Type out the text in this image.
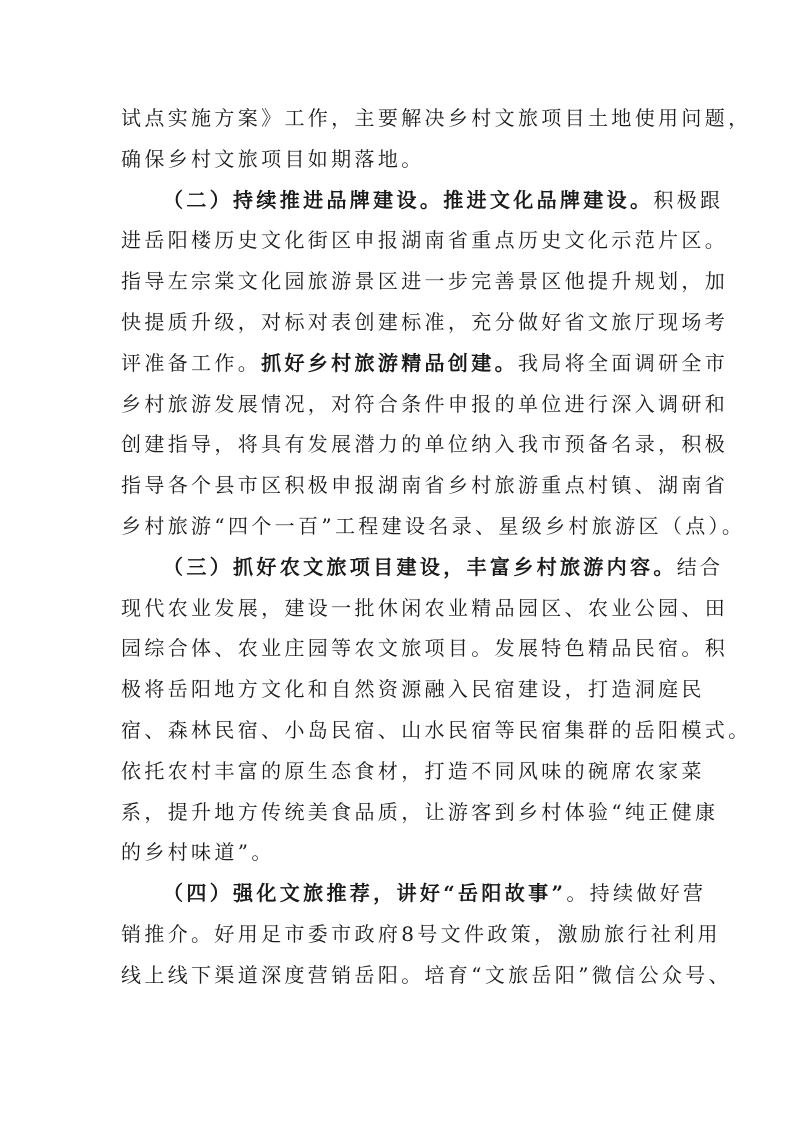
试点实施方案》工作，主要解决乡村文旅项目土地使用问题，
确保乡村文旅项目如期落地。
（二）持续推进品牌建设。推进文化品牌建设。积极跟
进岳阳楼历史文化街区申报湖南省重点历史文化示范片区。
指导左宗棠文化园旅游景区进一步完善景区他提升规划，加
快提质升级，对标对表创建标准，充分做好省文旅厅现场考
评准备工作。抓好乡村旅游精品创建。我局将全面调研全市
乡村旅游发展情况，对符合条件申报的单位进行深入调研和
创建指导，将具有发展潜力的单位纳入我市预备名录，积极
指导各个县市区积极申报湖南省乡村旅游重点村镇、湖南省
乡村旅游“四个一百”工程建设名录、星级乡村旅游区（点）。
（三）抓好农文旅项目建设，丰富乡村旅游内容。结合
现代农业发展，建设一批休闲农业精品园区、农业公园、田
园综合体、农业庄园等农文旅项目。发展特色精品民宿。积
极将岳阳地方文化和自然资源融入民宿建设，打造洞庭民
宿、森林民宿、小岛民宿、山水民宿等民宿集群的岳阳模式。
依托农村丰富的原生态食材，打造不同风味的碗席农家菜
系，提升地方传统美食品质，让游客到乡村体验“纯正健康
的乡村味道”。
（四）强化文旅推荐，讲好“岳阳故事”。持续做好营
销推介。好用足市委市政府8号文件政策，激励旅行社利用
线上线下渠道深度营销岳阳。培育“文旅岳阳”微信公众号、
